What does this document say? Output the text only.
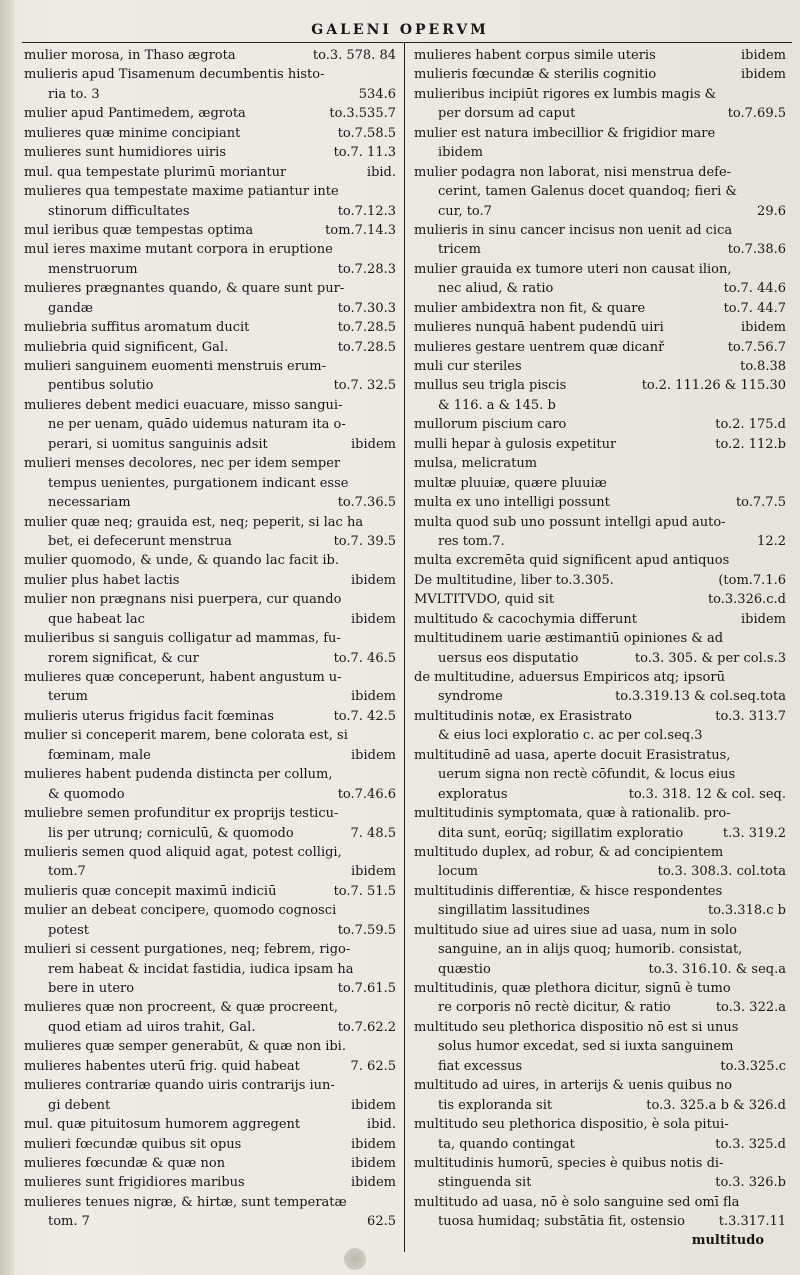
GALENI OPERVM
mulier morosa, in Thaso ægrota	to.3. 578. 84
mulieris apud Tisamenum decumbentis histo-
ria to. 3	534.6
mulier apud Pantimedem, ægrota	to.3.535.7
mulieres quæ minime concipiant	to.7.58.5
mulieres sunt humidiores uiris	to.7. 11.3
mul. qua tempestate plurimū moriantur	ibid.
mulieres qua tempestate maxime patiantur inte
stinorum difficultates	to.7.12.3
mul ieribus quæ tempestas optima	tom.7.14.3
mul ieres maxime mutant corpora in eruptione
menstruorum	to.7.28.3
mulieres prægnantes quando, & quare sunt pur-
gandæ	to.7.30.3
muliebria suffitus aromatum ducit	to.7.28.5
muliebria quid significent, Gal.	to.7.28.5
mulieri sanguinem euomenti menstruis erum-
pentibus solutio	to.7. 32.5
mulieres debent medici euacuare, misso sangui-
ne per uenam, quādo uidemus naturam ita o-
perari, si uomitus sanguinis adsit	ibidem
mulieri menses decolores, nec per idem semper
tempus uenientes, purgationem indicant esse
necessariam	to.7.36.5
mulier quæ neq; grauida est, neq; peperit, si lac ha
bet, ei defecerunt menstrua	to.7. 39.5
mulier quomodo, & unde, & quando lac facit ib.
mulier plus habet lactis	ibidem
mulier non prægnans nisi puerpera, cur quando
que habeat lac	ibidem
mulieribus si sanguis colligatur ad mammas, fu-
rorem significat, & cur	to.7. 46.5
mulieres quæ conceperunt, habent angustum u-
terum	ibidem
mulieris uterus frigidus facit fœminas	to.7. 42.5
mulier si conceperit marem, bene colorata est, si
fœminam, male	ibidem
mulieres habent pudenda distincta per collum,
& quomodo	to.7.46.6
muliebre semen profunditur ex proprijs testicu-
lis per utrunq; corniculū, & quomodo	7. 48.5
mulieris semen quod aliquid agat, potest colligi,
tom.7	ibidem
mulieris quæ concepit maximū indiciū	to.7. 51.5
mulier an debeat concipere, quomodo cognosci
potest	to.7.59.5
mulieri si cessent purgationes, neq; febrem, rigo-
rem habeat & incidat fastidia, iudica ipsam ha
bere in utero	to.7.61.5
mulieres quæ non procreent, & quæ procreent,
quod etiam ad uiros trahit, Gal.	to.7.62.2
mulieres quæ semper generabūt, & quæ non ibi.
mulieres habentes uterū frig. quid habeat	7. 62.5
mulieres contrariæ quando uiris contrarijs iun-
gi debent	ibidem
mul. quæ pituitosum humorem aggregent	ibid.
mulieri fœcundæ quibus sit opus	ibidem
mulieres fœcundæ & quæ non	ibidem
mulieres sunt frigidiores maribus	ibidem
mulieres tenues nigræ, & hirtæ, sunt temperatæ
tom. 7	62.5
mulieres habent corpus simile uteris	ibidem
mulieris fœcundæ & sterilis cognitio	ibidem
mulieribus incipiūt rigores ex lumbis magis &
per dorsum ad caput	to.7.69.5
mulier est natura imbecillior & frigidior mare
ibidem
mulier podagra non laborat, nisi menstrua defe-
cerint, tamen Galenus docet quandoq; fieri &
cur, to.7	29.6
mulieris in sinu cancer incisus non uenit ad cica
tricem	to.7.38.6
mulier grauida ex tumore uteri non causat ilion,
nec aliud, & ratio	to.7. 44.6
mulier ambidextra non fit, & quare	to.7. 44.7
mulieres nunquā habent pudendū uiri	ibidem
mulieres gestare uentrem quæ dicanř	to.7.56.7
muli cur steriles	to.8.38
mullus seu trigla piscis	to.2. 111.26 & 115.30
& 116. a & 145. b
mullorum piscium caro	to.2. 175.d
mulli hepar à gulosis expetitur	to.2. 112.b
mulsa, melicratum
multæ pluuiæ, quære pluuiæ
multa ex uno intelligi possunt	to.7.7.5
multa quod sub uno possunt intellgi apud auto-
res tom.7.	12.2
multa excremēta quid significent apud antiquos
De multitudine, liber to.3.305.	(tom.7.1.6
MVLTITVDO, quid sit	to.3.326.c.d
multitudo & cacochymia differunt	ibidem
multitudinem uarie æstimantiū opiniones & ad
uersus eos disputatio	to.3. 305. & per col.s.3
de multitudine, aduersus Empiricos atq; ipsorū
syndrome	to.3.319.13 & col.seq.tota
multitudinis notæ, ex Erasistrato	to.3. 313.7
& eius loci exploratio c. ac per col.seq.3
multitudinē ad uasa, aperte docuit Erasistratus,
uerum signa non rectè cōfundit, & locus eius
exploratus	to.3. 318. 12 & col. seq.
multitudinis symptomata, quæ à rationalib. pro-
dita sunt, eorūq; sigillatim exploratio	t.3. 319.2
multitudo duplex, ad robur, & ad concipientem
locum	to.3. 308.3. col.tota
multitudinis differentiæ, & hisce respondentes
singillatim lassitudines	to.3.318.c b
multitudo siue ad uires siue ad uasa, num in solo
sanguine, an in alijs quoq; humorib. consistat,
quæstio	to.3. 316.10. & seq.a
multitudinis, quæ plethora dicitur, signū è tumo
re corporis nō rectè dicitur, & ratio	to.3. 322.a
multitudo seu plethorica dispositio nō est si unus
solus humor excedat, sed si iuxta sanguinem
fiat excessus	to.3.325.c
multitudo ad uires, in arterijs & uenis quibus no
tis exploranda sit	to.3. 325.a b & 326.d
multitudo seu plethorica dispositio, è sola pitui-
ta, quando contingat	to.3. 325.d
multitudinis humorū, species è quibus notis di-
stinguenda sit	to.3. 326.b
multitudo ad uasa, nō è solo sanguine sed omī fla
tuosa humidaq; substātia fit, ostensio	t.3.317.11
multitudo
